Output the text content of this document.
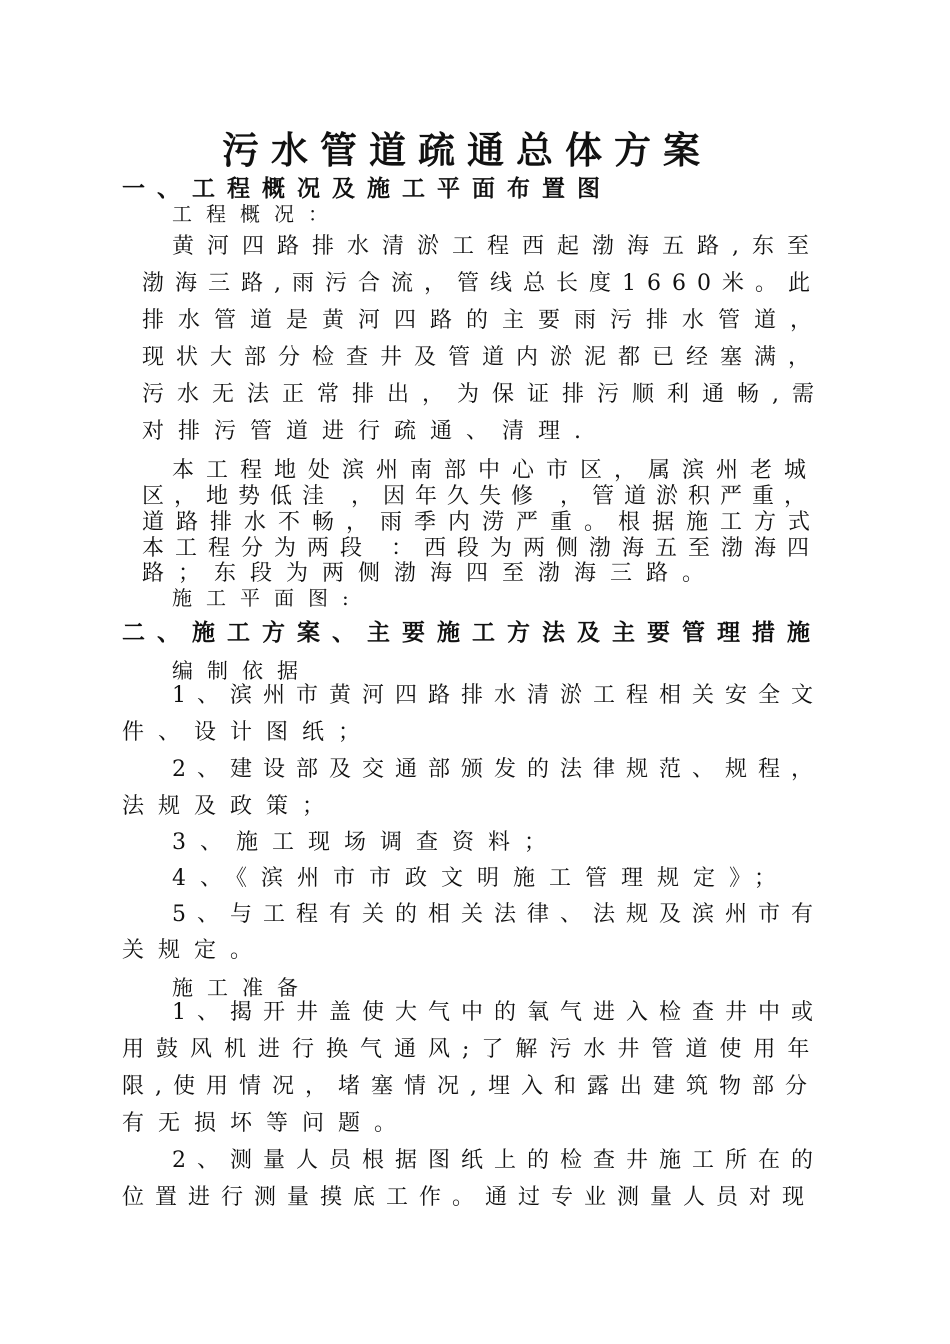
污水管道疏通总体方案
一、工程概况及施工平面布置图
工程概况：
黄河四路排水清淤工程西起渤海五路,东至
渤海三路,雨污合流，管线总长度1660米。此
排水管道是黄河四路的主要雨污排水管道，
现状大部分检查井及管道内淤泥都已经塞满，
污水无法正常排出，为保证排污顺利通畅,需
对排污管道进行疏通、清理.
本工程地处滨州南部中心市区，属滨州老城
区，地势低洼 ，因年久失修 ，管道淤积严重，
道路排水不畅，雨季内涝严重。根据施工方式
本工程分为两段 ：西段为两侧渤海五至渤海四
路；东段为两侧渤海四至渤海三路。
施工平面图:
二、施工方案、主要施工方法及主要管理措施
编制依据
1、滨州市黄河四路排水清淤工程相关安全文
件、设计图纸；
2、建设部及交通部颁发的法律规范、规程，
法规及政策；
3、施工现场调查资料；
4、《滨州市市政文明施工管理规定》；
5、与工程有关的相关法律、法规及滨州市有
关规定。
施工准备
1、揭开井盖使大气中的氧气进入检查井中或
用鼓风机进行换气通风;了解污水井管道使用年
限,使用情况，堵塞情况,埋入和露出建筑物部分
有无损坏等问题。
2、测量人员根据图纸上的检查井施工所在的
位置进行测量摸底工作。通过专业测量人员对现
